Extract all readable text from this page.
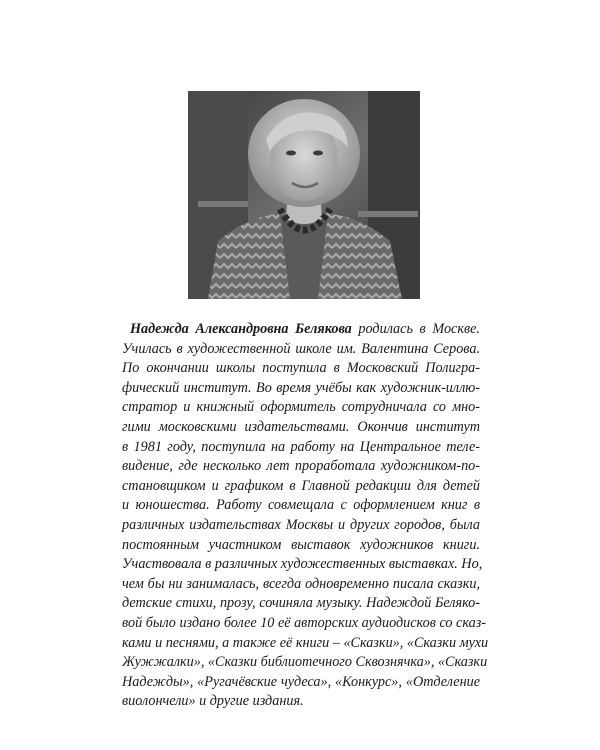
Надежда Александровна Белякова родилась в Москве.
Училась в художественной школе им. Валентина Серова.
По окончании школы поступила в Московский Полигра-
фический институт. Во время учёбы как художник-иллю-
стратор и книжный оформитель сотрудничала со мно-
гими московскими издательствами. Окончив институт
в 1981 году, поступила на работу на Центральное теле-
видение, где несколько лет проработала художником-по-
становщиком и графиком в Главной редакции для детей
и юношества. Работу совмещала с оформлением книг в
различных издательствах Москвы и других городов, была
постоянным участником выставок художников книги.
Участвовала в различных художественных выставках. Но,
чем бы ни занималась, всегда одновременно писала сказки,
детские стихи, прозу, сочиняла музыку. Надеждой Беляко-
вой было издано более 10 её авторских аудиодисков со сказ-
ками и песнями, а также её книги – «Сказки», «Сказки мухи
Жужжалки», «Сказки библиотечного Сквознячка», «Сказки
Надежды», «Ругачёвские чудеса», «Конкурс», «Отделение
виолончели» и другие издания.
